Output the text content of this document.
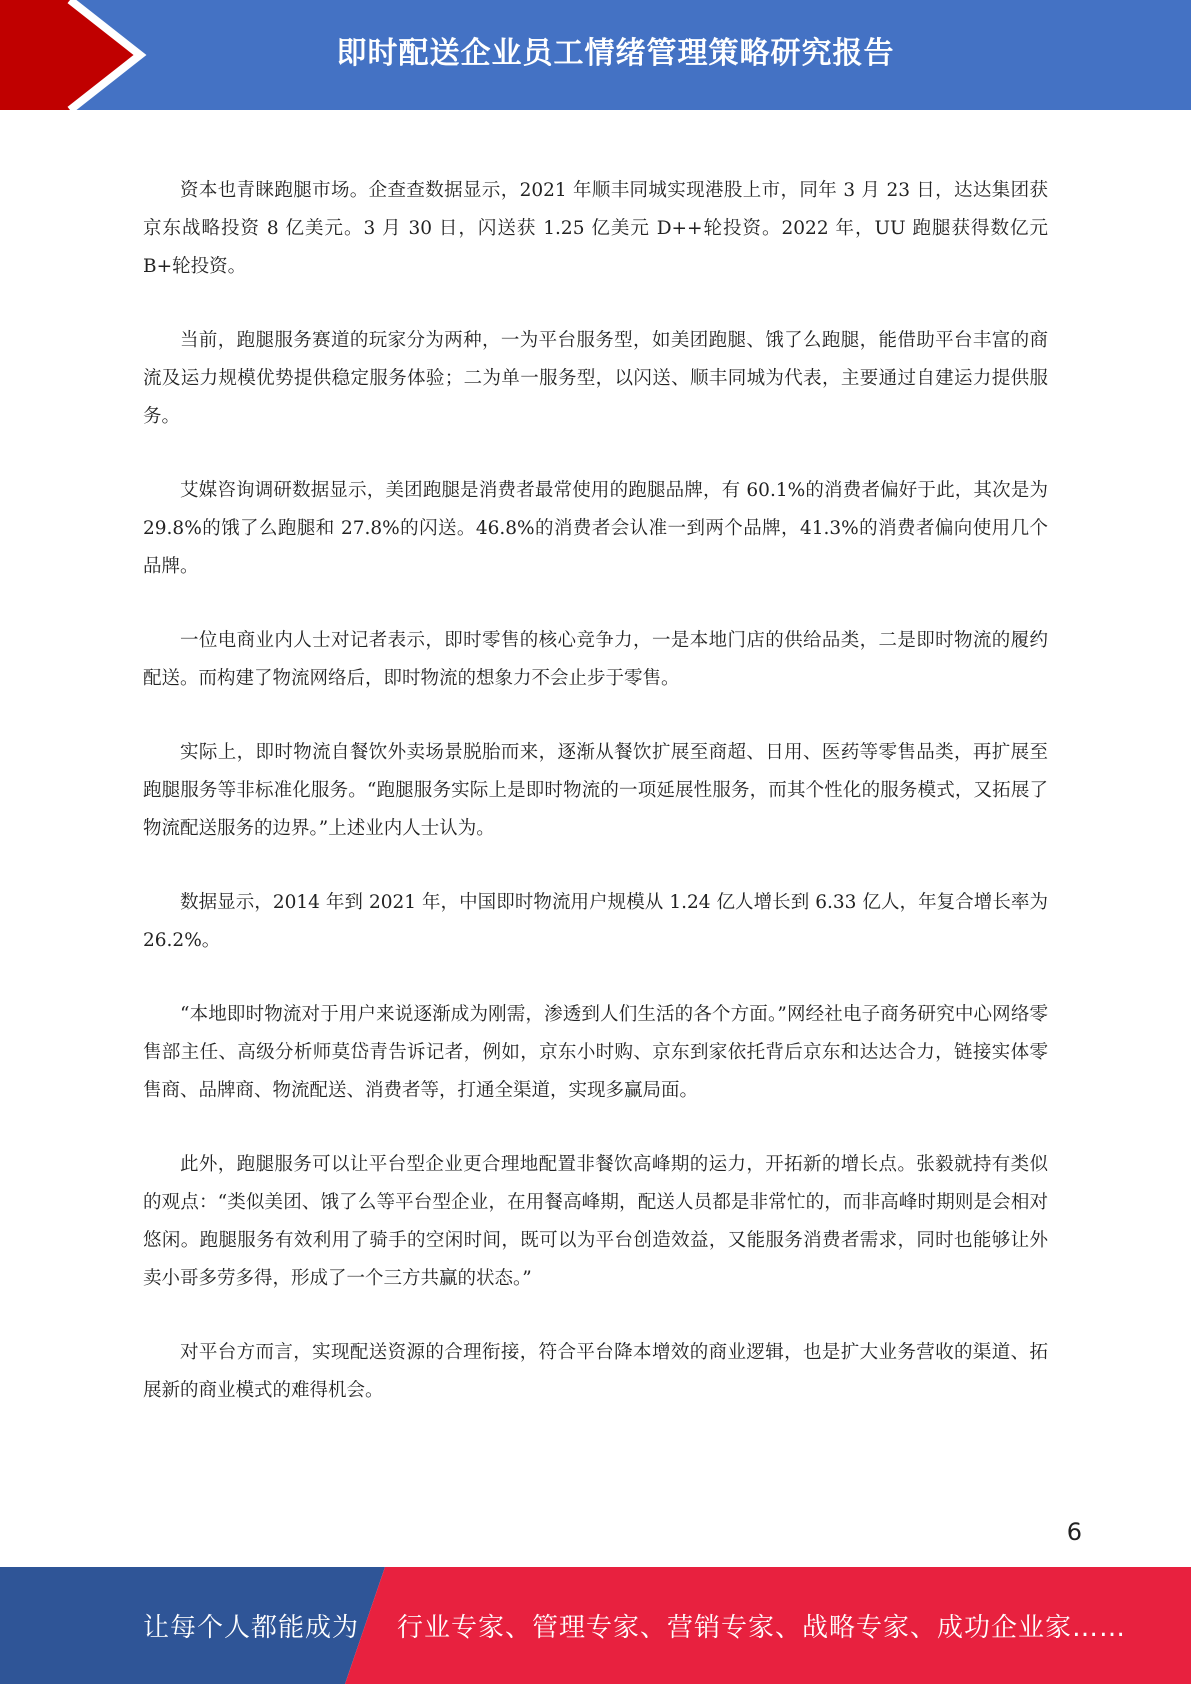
即时配送企业员工情绪管理策略研究报告

资本也青睐跑腿市场。企查查数据显示，2021 年顺丰同城实现港股上市，同年 3 月 23 日，达达集团获京东战略投资 8 亿美元。3 月 30 日，闪送获 1.25 亿美元 D++轮投资。2022 年，UU 跑腿获得数亿元 B+轮投资。

当前，跑腿服务赛道的玩家分为两种，一为平台服务型，如美团跑腿、饿了么跑腿，能借助平台丰富的商流及运力规模优势提供稳定服务体验；二为单一服务型，以闪送、顺丰同城为代表，主要通过自建运力提供服务。

艾媒咨询调研数据显示，美团跑腿是消费者最常使用的跑腿品牌，有 60.1%的消费者偏好于此，其次是为 29.8%的饿了么跑腿和 27.8%的闪送。46.8%的消费者会认准一到两个品牌，41.3%的消费者偏向使用几个品牌。

一位电商业内人士对记者表示，即时零售的核心竞争力，一是本地门店的供给品类，二是即时物流的履约配送。而构建了物流网络后，即时物流的想象力不会止步于零售。

实际上，即时物流自餐饮外卖场景脱胎而来，逐渐从餐饮扩展至商超、日用、医药等零售品类，再扩展至跑腿服务等非标准化服务。“跑腿服务实际上是即时物流的一项延展性服务，而其个性化的服务模式，又拓展了物流配送服务的边界。”上述业内人士认为。

数据显示，2014 年到 2021 年，中国即时物流用户规模从 1.24 亿人增长到 6.33 亿人，年复合增长率为 26.2%。

“本地即时物流对于用户来说逐渐成为刚需，渗透到人们生活的各个方面。”网经社电子商务研究中心网络零售部主任、高级分析师莫岱青告诉记者，例如，京东小时购、京东到家依托背后京东和达达合力，链接实体零售商、品牌商、物流配送、消费者等，打通全渠道，实现多赢局面。

此外，跑腿服务可以让平台型企业更合理地配置非餐饮高峰期的运力，开拓新的增长点。张毅就持有类似的观点：“类似美团、饿了么等平台型企业，在用餐高峰期，配送人员都是非常忙的，而非高峰时期则是会相对悠闲。跑腿服务有效利用了骑手的空闲时间，既可以为平台创造效益，又能服务消费者需求，同时也能够让外卖小哥多劳多得，形成了一个三方共赢的状态。”

对平台方而言，实现配送资源的合理衔接，符合平台降本增效的商业逻辑，也是扩大业务营收的渠道、拓展新的商业模式的难得机会。

6
让每个人都能成为 行业专家、管理专家、营销专家、战略专家、成功企业家……
